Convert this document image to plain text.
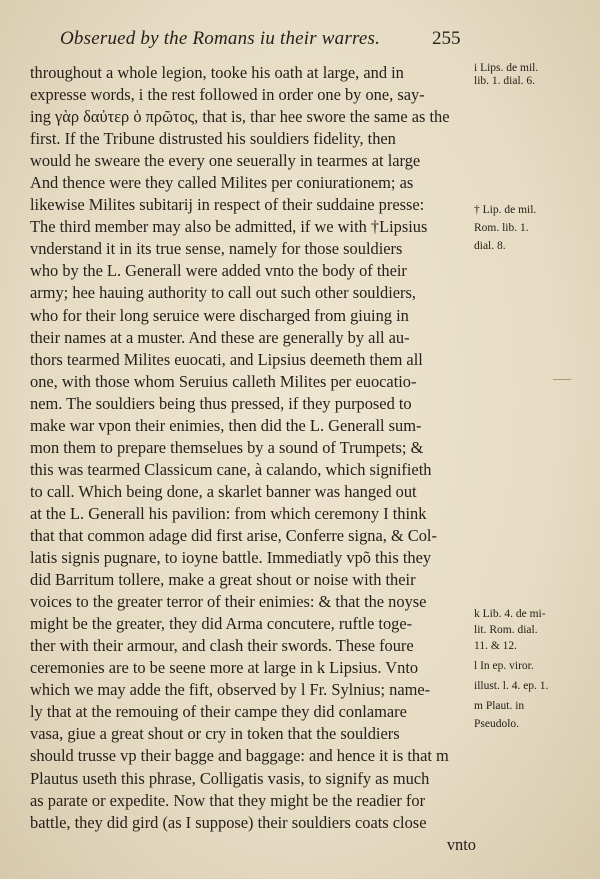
Obserued by the Romans iu their warres.	255
throughout a whole legion, tooke his oath at large, and in
expresse words, i the rest followed in order one by one, say-
ing γὰρ δαὐτερ ὁ πρῶτος, that is, thar hee swore the same as the
first. If the Tribune distrusted his souldiers fidelity, then
would he sweare the every one seuerally in tearmes at large
And thence were they called Milites per coniurationem; as
likewise Milites subitarij in respect of their suddaine presse:
The third member may also be admitted, if we with †Lipsius
vnderstand it in its true sense, namely for those souldiers
who by the L. Generall were added vnto the body of their
army; hee hauing authority to call out such other souldiers,
who for their long seruice were discharged from giuing in
their names at a muster. And these are generally by all au-
thors tearmed Milites euocati, and Lipsius deemeth them all
one, with those whom Seruius calleth Milites per euocatio-
nem. The souldiers being thus pressed, if they purposed to
make war vpon their enimies, then did the L. Generall sum-
mon them to prepare themselues by a sound of Trumpets; &
this was tearmed Classicum cane, à calando, which signifieth
to call. Which being done, a skarlet banner was hanged out
at the L. Generall his pavilion: from which ceremony I think
that that common adage did first arise, Conferre signa, & Col-
latis signis pugnare, to ioyne battle. Immediatly vpõ this they
did Barritum tollere, make a great shout or noise with their
voices to the greater terror of their enimies: & that the noyse
might be the greater, they did Arma concutere, ruftle toge-
ther with their armour, and clash their swords. These foure
ceremonies are to be seene more at large in k Lipsius. Vnto
which we may adde the fift, observed by l Fr. Sylnius; name-
ly that at the remouing of their campe they did conlamare
vasa, giue a great shout or cry in token that the souldiers
should trusse vp their bagge and baggage: and hence it is that m
Plautus useth this phrase, Colligatis vasis, to signify as much
as parate or expedite. Now that they might be the readier for
battle, they did gird (as I suppose) their souldiers coats close
vnto
i Lips. de mil.
lib. 1. dial. 6.
† Lip. de mil.
Rom. lib. 1.
dial. 8.
k Lib. 4. de mi-
lit. Rom. dial.
11. & 12.
l In ep. viror.
illust. l. 4. ep. 1.
m Plaut. in
Pseudolo.
